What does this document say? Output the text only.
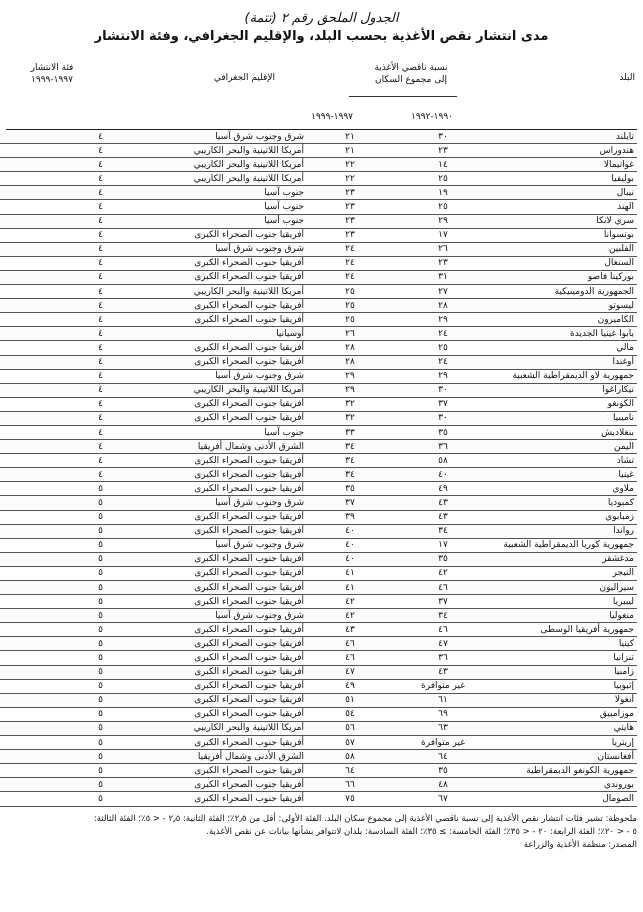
الجدول الملحق رقم ٢ (تتمة)
مدى انتشار نقص الأغذية بحسب البلد، والإقليم الجغرافي، وفئة الانتشار
البلد
نسبة ناقصي الأغذية
إلى مجموع السكان
١٩٩٠-١٩٩٢
١٩٩٧-١٩٩٩
الإقليم الجغرافي
فئة الانتشار
١٩٩٧-١٩٩٩
تايلند	٣٠	٢١	شرق وجنوب شرق آسيا	٤
هندوراس	٢٣	٢١	أمريكا اللاتينية والبحر الكاريبي	٤
غواتيمالا	١٤	٢٢	أمريكا اللاتينية والبحر الكاريبي	٤
بوليفيا	٢٥	٢٢	أمريكا اللاتينية والبحر الكاريبي	٤
نيبال	١٩	٢٣	جنوب آسيا	٤
الهند	٢٥	٢٣	جنوب آسيا	٤
سري لانكا	٢٩	٢٣	جنوب آسيا	٤
بوتسوانا	١٧	٢٣	أفريقيا جنوب الصحراء الكبرى	٤
الفلبين	٢٦	٢٤	شرق وجنوب شرق آسيا	٤
السنغال	٢٣	٢٤	أفريقيا جنوب الصحراء الكبرى	٤
بوركينا فاصو	٣١	٢٤	أفريقيا جنوب الصحراء الكبرى	٤
الجمهورية الدومينيكية	٢٧	٢٥	أمريكا اللاتينية والبحر الكاريبي	٤
ليسوتو	٢٨	٢٥	أفريقيا جنوب الصحراء الكبرى	٤
الكاميرون	٢٩	٢٥	أفريقيا جنوب الصحراء الكبرى	٤
بابوا غينيا الجديدة	٢٤	٢٦	أوسيانيا	٤
مالي	٢٥	٢٨	أفريقيا جنوب الصحراء الكبرى	٤
أوغندا	٢٤	٢٨	أفريقيا جنوب الصحراء الكبرى	٤
جمهورية لاو الديمقراطية الشعبية	٢٩	٢٩	شرق وجنوب شرق آسيا	٤
نيكاراغوا	٣٠	٢٩	أمريكا اللاتينية والبحر الكاريبي	٤
الكونغو	٣٧	٣٢	أفريقيا جنوب الصحراء الكبرى	٤
ناميبيا	٣٠	٣٢	أفريقيا جنوب الصحراء الكبرى	٤
بنغلاديش	٣٥	٣٣	جنوب آسيا	٤
اليمن	٣٦	٣٤	الشرق الأدنى وشمال أفريقيا	٤
تشاد	٥٨	٣٤	أفريقيا جنوب الصحراء الكبرى	٤
غينيا	٤٠	٣٤	أفريقيا جنوب الصحراء الكبرى	٤
ملاوي	٤٩	٣٥	أفريقيا جنوب الصحراء الكبرى	٥
كمبوديا	٤٣	٣٧	شرق وجنوب شرق آسيا	٥
زمبابوي	٤٣	٣٩	أفريقيا جنوب الصحراء الكبرى	٥
رواندا	٣٤	٤٠	أفريقيا جنوب الصحراء الكبرى	٥
جمهورية كوريا الديمقراطية الشعبية	١٧	٤٠	شرق وجنوب شرق آسيا	٥
مدغشقر	٣٥	٤٠	أفريقيا جنوب الصحراء الكبرى	٥
النيجر	٤٢	٤١	أفريقيا جنوب الصحراء الكبرى	٥
سيراليون	٤٦	٤١	أفريقيا جنوب الصحراء الكبرى	٥
ليبيريا	٣٧	٤٢	أفريقيا جنوب الصحراء الكبرى	٥
منغوليا	٣٤	٤٢	شرق وجنوب شرق آسيا	٥
جمهورية أفريقيا الوسطى	٤٦	٤٣	أفريقيا جنوب الصحراء الكبرى	٥
كينيا	٤٧	٤٦	أفريقيا جنوب الصحراء الكبرى	٥
تنزانيا	٣٦	٤٦	أفريقيا جنوب الصحراء الكبرى	٥
زامبيا	٤٣	٤٧	أفريقيا جنوب الصحراء الكبرى	٥
إثيوبيا	غير متوافرة	٤٩	أفريقيا جنوب الصحراء الكبرى	٥
أنغولا	٦١	٥١	أفريقيا جنوب الصحراء الكبرى	٥
موزامبيق	٦٩	٥٤	أفريقيا جنوب الصحراء الكبرى	٥
هايتي	٦٣	٥٦	أمريكا اللاتينية والبحر الكاريبي	٥
إريتريا	غير متوافرة	٥٧	أفريقيا جنوب الصحراء الكبرى	٥
أفغانستان	٦٤	٥٨	الشرق الأدنى وشمال أفريقيا	٥
جمهورية الكونغو الديمقراطية	٣٥	٦٤	أفريقيا جنوب الصحراء الكبرى	٥
بوروندي	٤٨	٦٦	أفريقيا جنوب الصحراء الكبرى	٥
الصومال	٦٧	٧٥	أفريقيا جنوب الصحراء الكبرى	٥
ملحوظة: تشير فئات انتشار نقص الأغذية إلى نسبة ناقصي الأغذية إلى مجموع سكان البلد. الفئة الأولى: أقل من ٢٫٥٪؛ الفئة الثانية: ٢٫٥ - < ٥٪؛ الفئة الثالثة:
٥ - < ٢٠٪؛ الفئة الرابعة: ٢٠ - < ٣٥٪؛ الفئة الخامسة: ≥ ٣٥٪؛ الفئة السادسة: بلدان لاتتوافر بشأنها بيانات عن نقص الأغذية.
المصدر: منظمة الأغذية والزراعة
